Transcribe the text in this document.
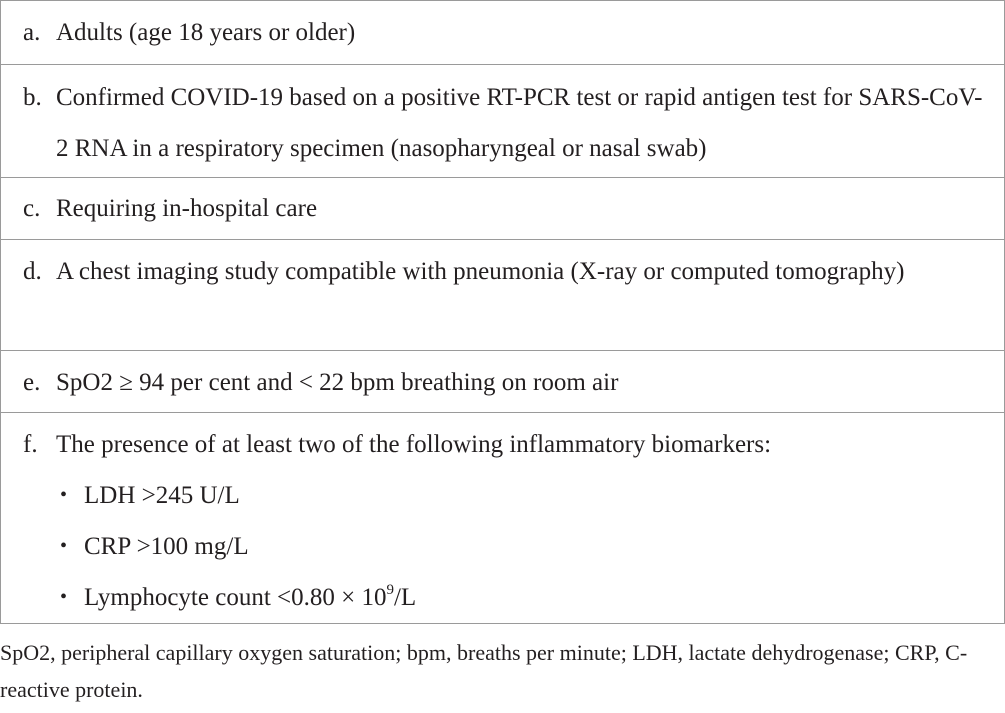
a. Adults (age 18 years or older)

b. Confirmed COVID-19 based on a positive RT-PCR test or rapid antigen test for SARS-CoV-2 RNA in a respiratory specimen (nasopharyngeal or nasal swab)

c. Requiring in-hospital care

d. A chest imaging study compatible with pneumonia (X-ray or computed tomography)

e. SpO2 ≥ 94 per cent and < 22 bpm breathing on room air

f. The presence of at least two of the following inflammatory biomarkers:
• LDH >245 U/L
• CRP >100 mg/L
• Lymphocyte count $<0.80 \times 10^9/L$
SpO2, peripheral capillary oxygen saturation; bpm, breaths per minute; LDH, lactate dehydrogenase; CRP, C-reactive protein.
